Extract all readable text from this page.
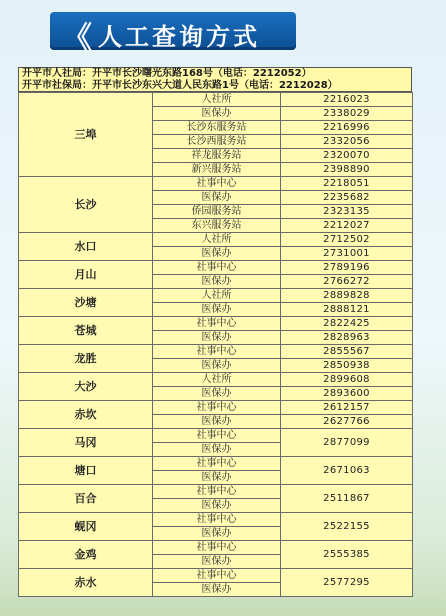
《 人工查询方式
开平市人社局：开平市长沙曙光东路168号（电话：2212052）
开平市社保局：开平市长沙东兴大道人民东路1号（电话：2212028）
三埠	人社所	2216023
	医保办	2338029
	长沙东服务站	2216996
	长沙西服务站	2332056
	祥龙服务站	2320070
	新兴服务站	2398890
长沙	社事中心	2218051
	医保办	2235682
	侨园服务站	2323135
	东兴服务站	2212027
水口	人社所	2712502
	医保办	2731001
月山	社事中心	2789196
	医保办	2766272
沙塘	人社所	2889828
	医保办	2888121
苍城	社事中心	2822425
	医保办	2828963
龙胜	社事中心	2855567
	医保办	2850938
大沙	人社所	2899608
	医保办	2893600
赤坎	社事中心	2612157
	医保办	2627766
马冈	社事中心	2877099
	医保办	
塘口	社事中心	2671063
	医保办	
百合	社事中心	2511867
	医保办	
蚬冈	社事中心	2522155
	医保办	
金鸡	社事中心	2555385
	医保办	
赤水	社事中心	2577295
	医保办	
